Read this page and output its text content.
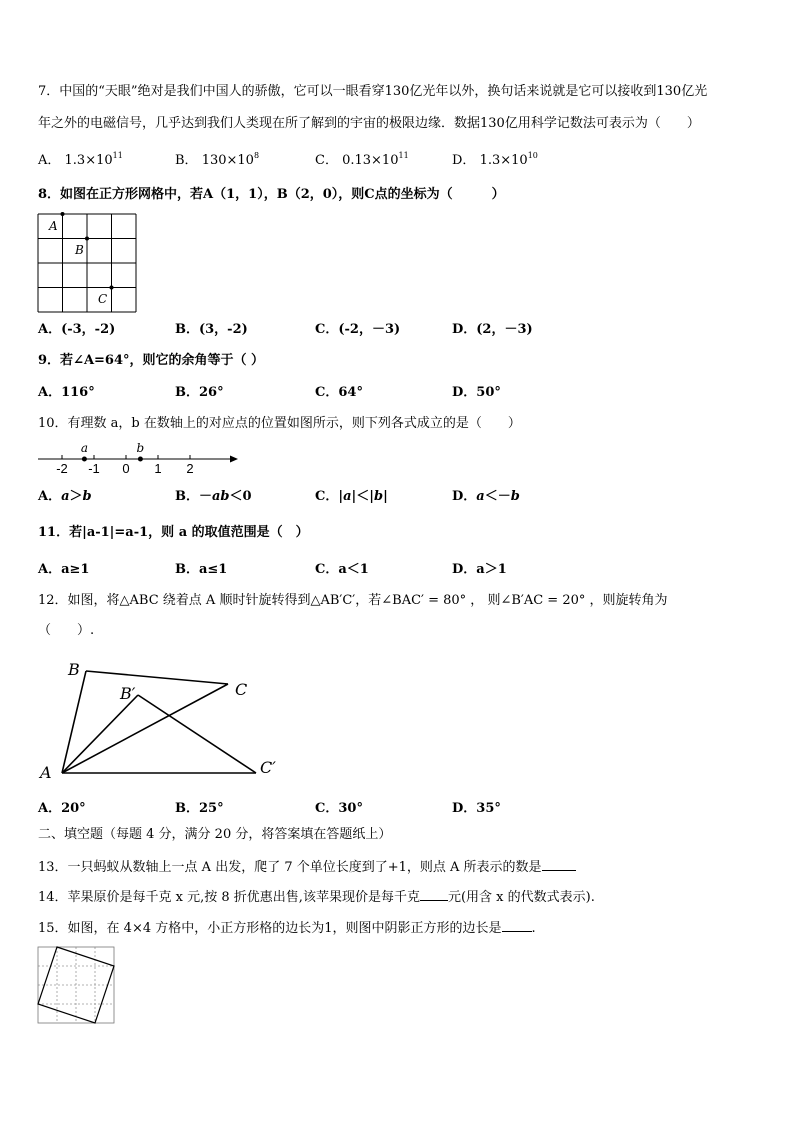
7．中国的“天眼”绝对是我们中国人的骄傲，它可以一眼看穿130亿光年以外，换句话来说就是它可以接收到130亿光
年之外的电磁信号，几乎达到我们人类现在所了解到的宇宙的极限边缘．数据130亿用科学记数法可表示为（　　）
A． $1.3\times 10^{11}$	B． $130\times 10^8$	C． $0.13\times 10^{11}$	D． $1.3\times 10^{10}$
8．如图在正方形网格中，若A（1，1），B（2，0），则C点的坐标为（　　　）
A
B
C
A．(-3，-2)	B．(3，-2)	C．(-2，－3)	D．(2，－3)
9．若∠A=64°，则它的余角等于（ ）
A．116°	B．26°	C．64°	D．50°
10．有理数 a，b 在数轴上的对应点的位置如图所示，则下列各式成立的是（　　）
-2 -1 0 1 2
a	b
A．a＞b	B．－ab＜0	C．|a|＜|b|	D．a＜－b
11．若|a-1|=a-1，则 a 的取值范围是（　）
A．a≥1	B．a≤1	C．a＜1	D．a＞1
12．如图，将△ABC 绕着点 A 顺时针旋转得到△AB′C′，若∠BAC′ = 80° ， 则∠B′AC = 20° ，则旋转角为
（　　）.
B
B′	C
A	C′
A．20°	B．25°	C．30°	D．35°
二、填空题（每题 4 分，满分 20 分，将答案填在答题纸上）
13．一只蚂蚁从数轴上一点 A 出发，爬了 7 个单位长度到了+1，则点 A 所表示的数是
14．苹果原价是每千克 x 元,按 8 折优惠出售,该苹果现价是每千克 元(用含 x 的代数式表示).
15．如图，在 4×4 方格中，小正方形格的边长为1，则图中阴影正方形的边长是 .
